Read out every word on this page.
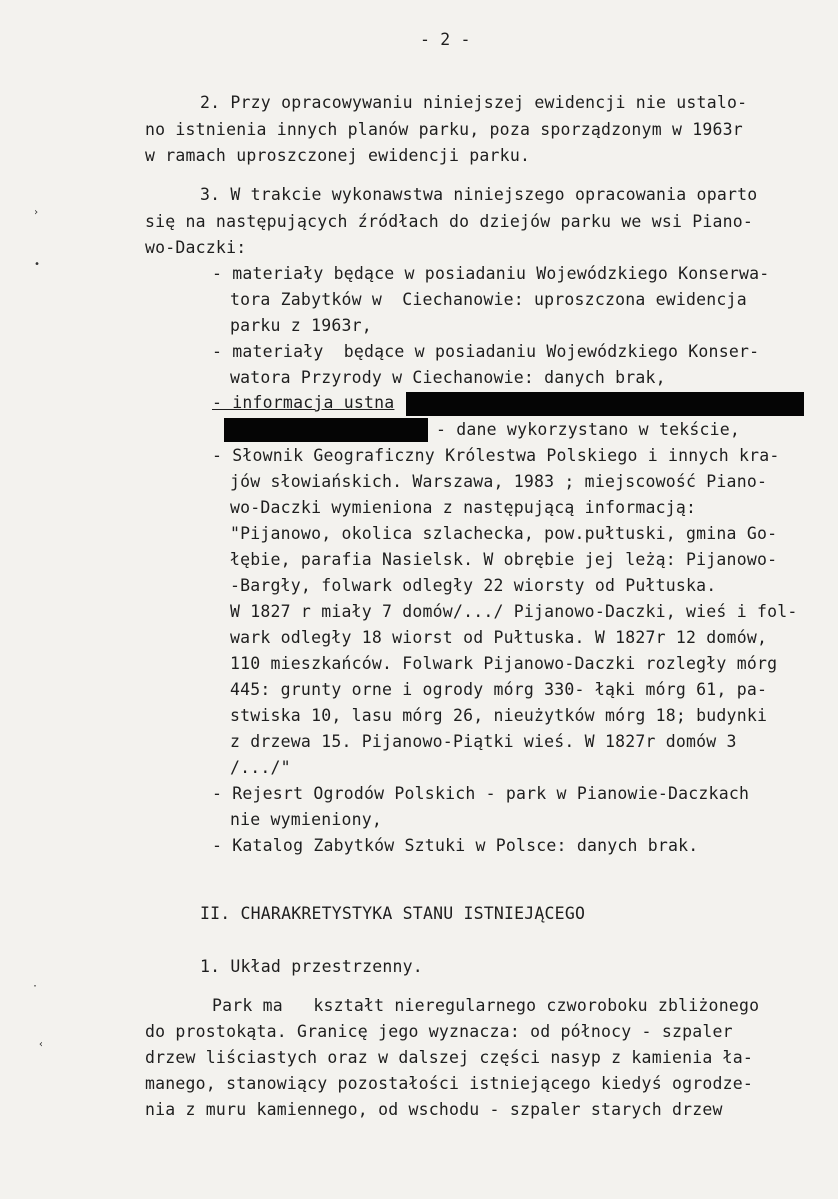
- 2 -
2. Przy opracowywaniu niniejszej ewidencji nie ustalo-
no istnienia innych planów parku, poza sporządzonym w 1963r
w ramach uproszczonej ewidencji parku.
3. W trakcie wykonawstwa niniejszego opracowania oparto
się na następujących źródłach do dziejów parku we wsi Piano-
wo-Daczki:
- materiały będące w posiadaniu Wojewódzkiego Konserwa-
tora Zabytków w  Ciechanowie: uproszczona ewidencja
parku z 1963r,
- materiały  będące w posiadaniu Wojewódzkiego Konser-
watora Przyrody w Ciechanowie: danych brak,
- informacja ustna
- dane wykorzystano w tekście,
- Słownik Geograficzny Królestwa Polskiego i innych kra-
jów słowiańskich. Warszawa, 1983 ; miejscowość Piano-
wo-Daczki wymieniona z następującą informacją:
"Pijanowo, okolica szlachecka, pow.pułtuski, gmina Go-
łębie, parafia Nasielsk. W obrębie jej leżą: Pijanowo-
-Bargły, folwark odległy 22 wiorsty od Pułtuska.
W 1827 r miały 7 domów/.../ Pijanowo-Daczki, wieś i fol-
wark odległy 18 wiorst od Pułtuska. W 1827r 12 domów,
110 mieszkańców. Folwark Pijanowo-Daczki rozległy mórg
445: grunty orne i ogrody mórg 330- łąki mórg 61, pa-
stwiska 10, lasu mórg 26, nieużytków mórg 18; budynki
z drzewa 15. Pijanowo-Piątki wieś. W 1827r domów 3
/.../"
- Rejesrt Ogrodów Polskich - park w Pianowie-Daczkach
nie wymieniony,
- Katalog Zabytków Sztuki w Polsce: danych brak.
II. CHARAKRETYSTYKA STANU ISTNIEJĄCEGO
1. Układ przestrzenny.
Park ma   kształt nieregularnego czworoboku zbliżonego
do prostokąta. Granicę jego wyznacza: od północy - szpaler
drzew liściastych oraz w dalszej części nasyp z kamienia ła-
manego, stanowiący pozostałości istniejącego kiedyś ogrodze-
nia z muru kamiennego, od wschodu - szpaler starych drzew
›
•
·
‹
